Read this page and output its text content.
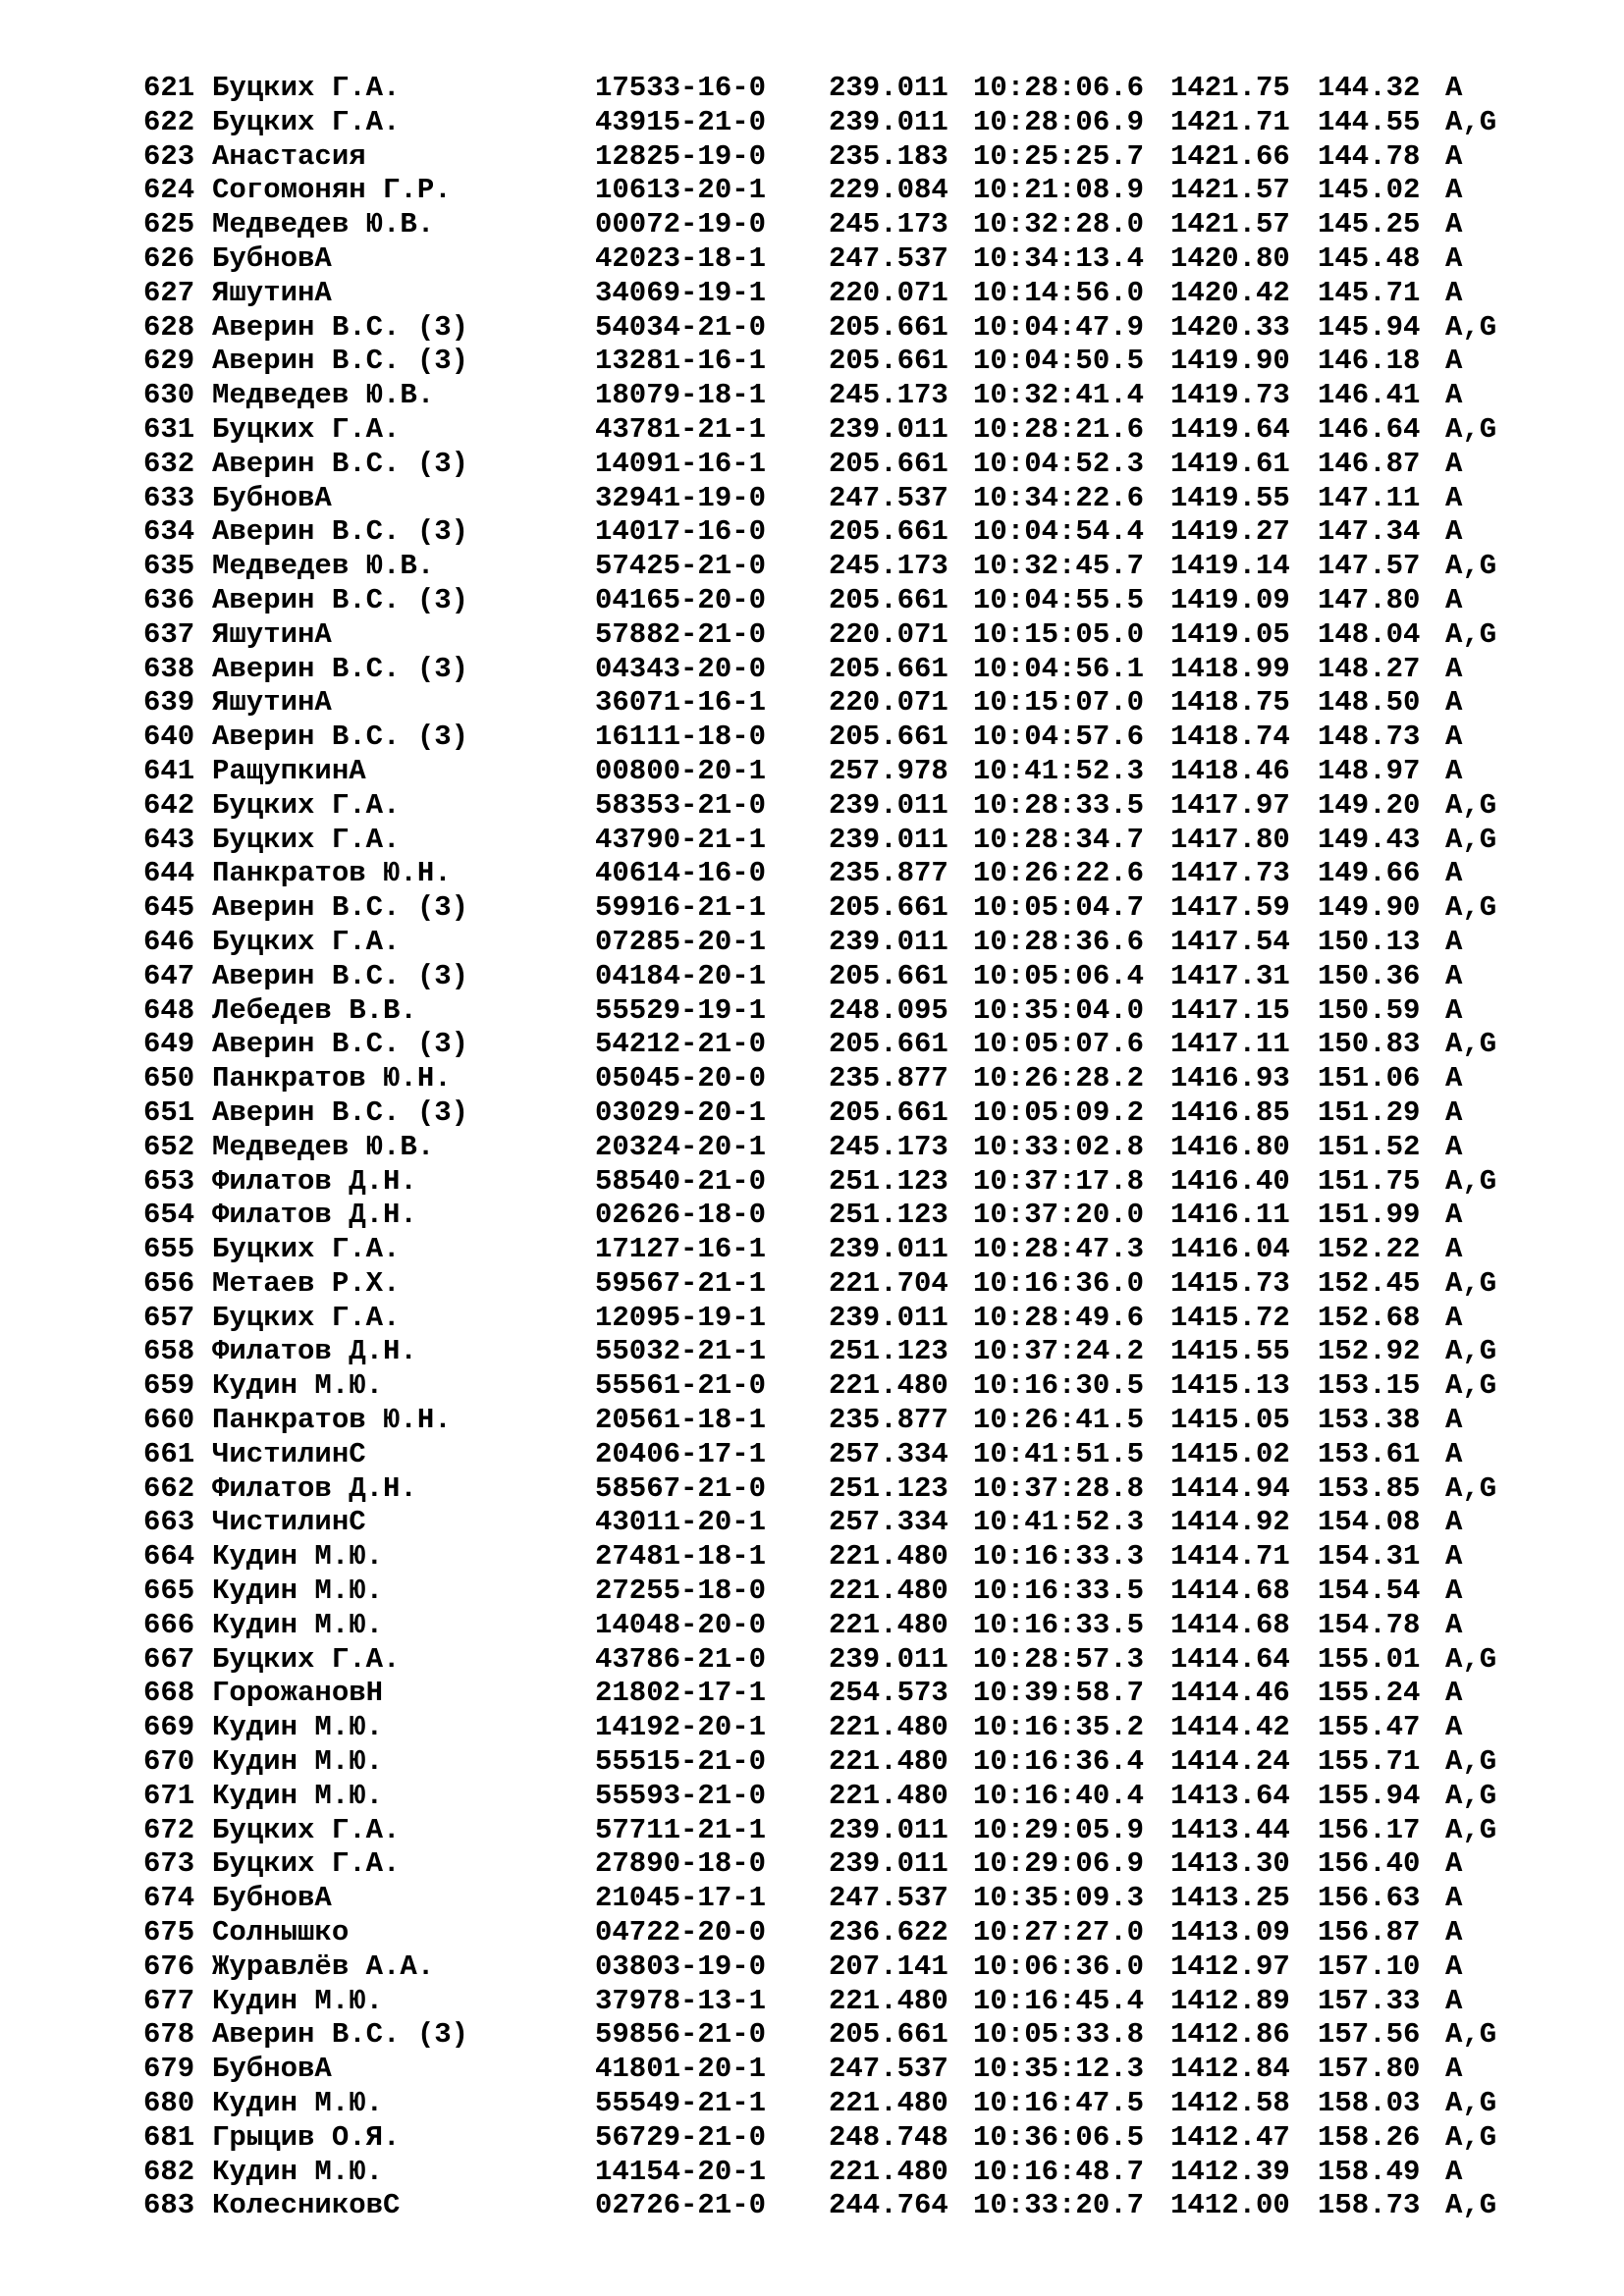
621 Буцких Г.А.	17533-16-0 239.011 10:28:06.6 1421.75 144.32 A
622 Буцких Г.А.	43915-21-0 239.011 10:28:06.9 1421.71 144.55 A,G
623 Анастасия	12825-19-0 235.183 10:25:25.7 1421.66 144.78 A
624 Согомонян Г.Р.	10613-20-1 229.084 10:21:08.9 1421.57 145.02 A
625 Медведев Ю.В.	00072-19-0 245.173 10:32:28.0 1421.57 145.25 A
626 БубновА	42023-18-1 247.537 10:34:13.4 1420.80 145.48 A
627 ЯшутинА	34069-19-1 220.071 10:14:56.0 1420.42 145.71 A
628 Аверин В.С. (3)	54034-21-0 205.661 10:04:47.9 1420.33 145.94 A,G
629 Аверин В.С. (3)	13281-16-1 205.661 10:04:50.5 1419.90 146.18 A
630 Медведев Ю.В.	18079-18-1 245.173 10:32:41.4 1419.73 146.41 A
631 Буцких Г.А.	43781-21-1 239.011 10:28:21.6 1419.64 146.64 A,G
632 Аверин В.С. (3)	14091-16-1 205.661 10:04:52.3 1419.61 146.87 A
633 БубновА	32941-19-0 247.537 10:34:22.6 1419.55 147.11 A
634 Аверин В.С. (3)	14017-16-0 205.661 10:04:54.4 1419.27 147.34 A
635 Медведев Ю.В.	57425-21-0 245.173 10:32:45.7 1419.14 147.57 A,G
636 Аверин В.С. (3)	04165-20-0 205.661 10:04:55.5 1419.09 147.80 A
637 ЯшутинА	57882-21-0 220.071 10:15:05.0 1419.05 148.04 A,G
638 Аверин В.С. (3)	04343-20-0 205.661 10:04:56.1 1418.99 148.27 A
639 ЯшутинА	36071-16-1 220.071 10:15:07.0 1418.75 148.50 A
640 Аверин В.С. (3)	16111-18-0 205.661 10:04:57.6 1418.74 148.73 A
641 РащупкинА	00800-20-1 257.978 10:41:52.3 1418.46 148.97 A
642 Буцких Г.А.	58353-21-0 239.011 10:28:33.5 1417.97 149.20 A,G
643 Буцких Г.А.	43790-21-1 239.011 10:28:34.7 1417.80 149.43 A,G
644 Панкратов Ю.Н.	40614-16-0 235.877 10:26:22.6 1417.73 149.66 A
645 Аверин В.С. (3)	59916-21-1 205.661 10:05:04.7 1417.59 149.90 A,G
646 Буцких Г.А.	07285-20-1 239.011 10:28:36.6 1417.54 150.13 A
647 Аверин В.С. (3)	04184-20-1 205.661 10:05:06.4 1417.31 150.36 A
648 Лебедев В.В.	55529-19-1 248.095 10:35:04.0 1417.15 150.59 A
649 Аверин В.С. (3)	54212-21-0 205.661 10:05:07.6 1417.11 150.83 A,G
650 Панкратов Ю.Н.	05045-20-0 235.877 10:26:28.2 1416.93 151.06 A
651 Аверин В.С. (3)	03029-20-1 205.661 10:05:09.2 1416.85 151.29 A
652 Медведев Ю.В.	20324-20-1 245.173 10:33:02.8 1416.80 151.52 A
653 Филатов Д.Н.	58540-21-0 251.123 10:37:17.8 1416.40 151.75 A,G
654 Филатов Д.Н.	02626-18-0 251.123 10:37:20.0 1416.11 151.99 A
655 Буцких Г.А.	17127-16-1 239.011 10:28:47.3 1416.04 152.22 A
656 Метаев Р.Х.	59567-21-1 221.704 10:16:36.0 1415.73 152.45 A,G
657 Буцких Г.А.	12095-19-1 239.011 10:28:49.6 1415.72 152.68 A
658 Филатов Д.Н.	55032-21-1 251.123 10:37:24.2 1415.55 152.92 A,G
659 Кудин М.Ю.	55561-21-0 221.480 10:16:30.5 1415.13 153.15 A,G
660 Панкратов Ю.Н.	20561-18-1 235.877 10:26:41.5 1415.05 153.38 A
661 ЧистилинС	20406-17-1 257.334 10:41:51.5 1415.02 153.61 A
662 Филатов Д.Н.	58567-21-0 251.123 10:37:28.8 1414.94 153.85 A,G
663 ЧистилинС	43011-20-1 257.334 10:41:52.3 1414.92 154.08 A
664 Кудин М.Ю.	27481-18-1 221.480 10:16:33.3 1414.71 154.31 A
665 Кудин М.Ю.	27255-18-0 221.480 10:16:33.5 1414.68 154.54 A
666 Кудин М.Ю.	14048-20-0 221.480 10:16:33.5 1414.68 154.78 A
667 Буцких Г.А.	43786-21-0 239.011 10:28:57.3 1414.64 155.01 A,G
668 ГорожановН	21802-17-1 254.573 10:39:58.7 1414.46 155.24 A
669 Кудин М.Ю.	14192-20-1 221.480 10:16:35.2 1414.42 155.47 A
670 Кудин М.Ю.	55515-21-0 221.480 10:16:36.4 1414.24 155.71 A,G
671 Кудин М.Ю.	55593-21-0 221.480 10:16:40.4 1413.64 155.94 A,G
672 Буцких Г.А.	57711-21-1 239.011 10:29:05.9 1413.44 156.17 A,G
673 Буцких Г.А.	27890-18-0 239.011 10:29:06.9 1413.30 156.40 A
674 БубновА	21045-17-1 247.537 10:35:09.3 1413.25 156.63 A
675 Солнышко	04722-20-0 236.622 10:27:27.0 1413.09 156.87 A
676 Журавлёв А.А.	03803-19-0 207.141 10:06:36.0 1412.97 157.10 A
677 Кудин М.Ю.	37978-13-1 221.480 10:16:45.4 1412.89 157.33 A
678 Аверин В.С. (3)	59856-21-0 205.661 10:05:33.8 1412.86 157.56 A,G
679 БубновА	41801-20-1 247.537 10:35:12.3 1412.84 157.80 A
680 Кудин М.Ю.	55549-21-1 221.480 10:16:47.5 1412.58 158.03 A,G
681 Грыцив О.Я.	56729-21-0 248.748 10:36:06.5 1412.47 158.26 A,G
682 Кудин М.Ю.	14154-20-1 221.480 10:16:48.7 1412.39 158.49 A
683 КолесниковС	02726-21-0 244.764 10:33:20.7 1412.00 158.73 A,G
